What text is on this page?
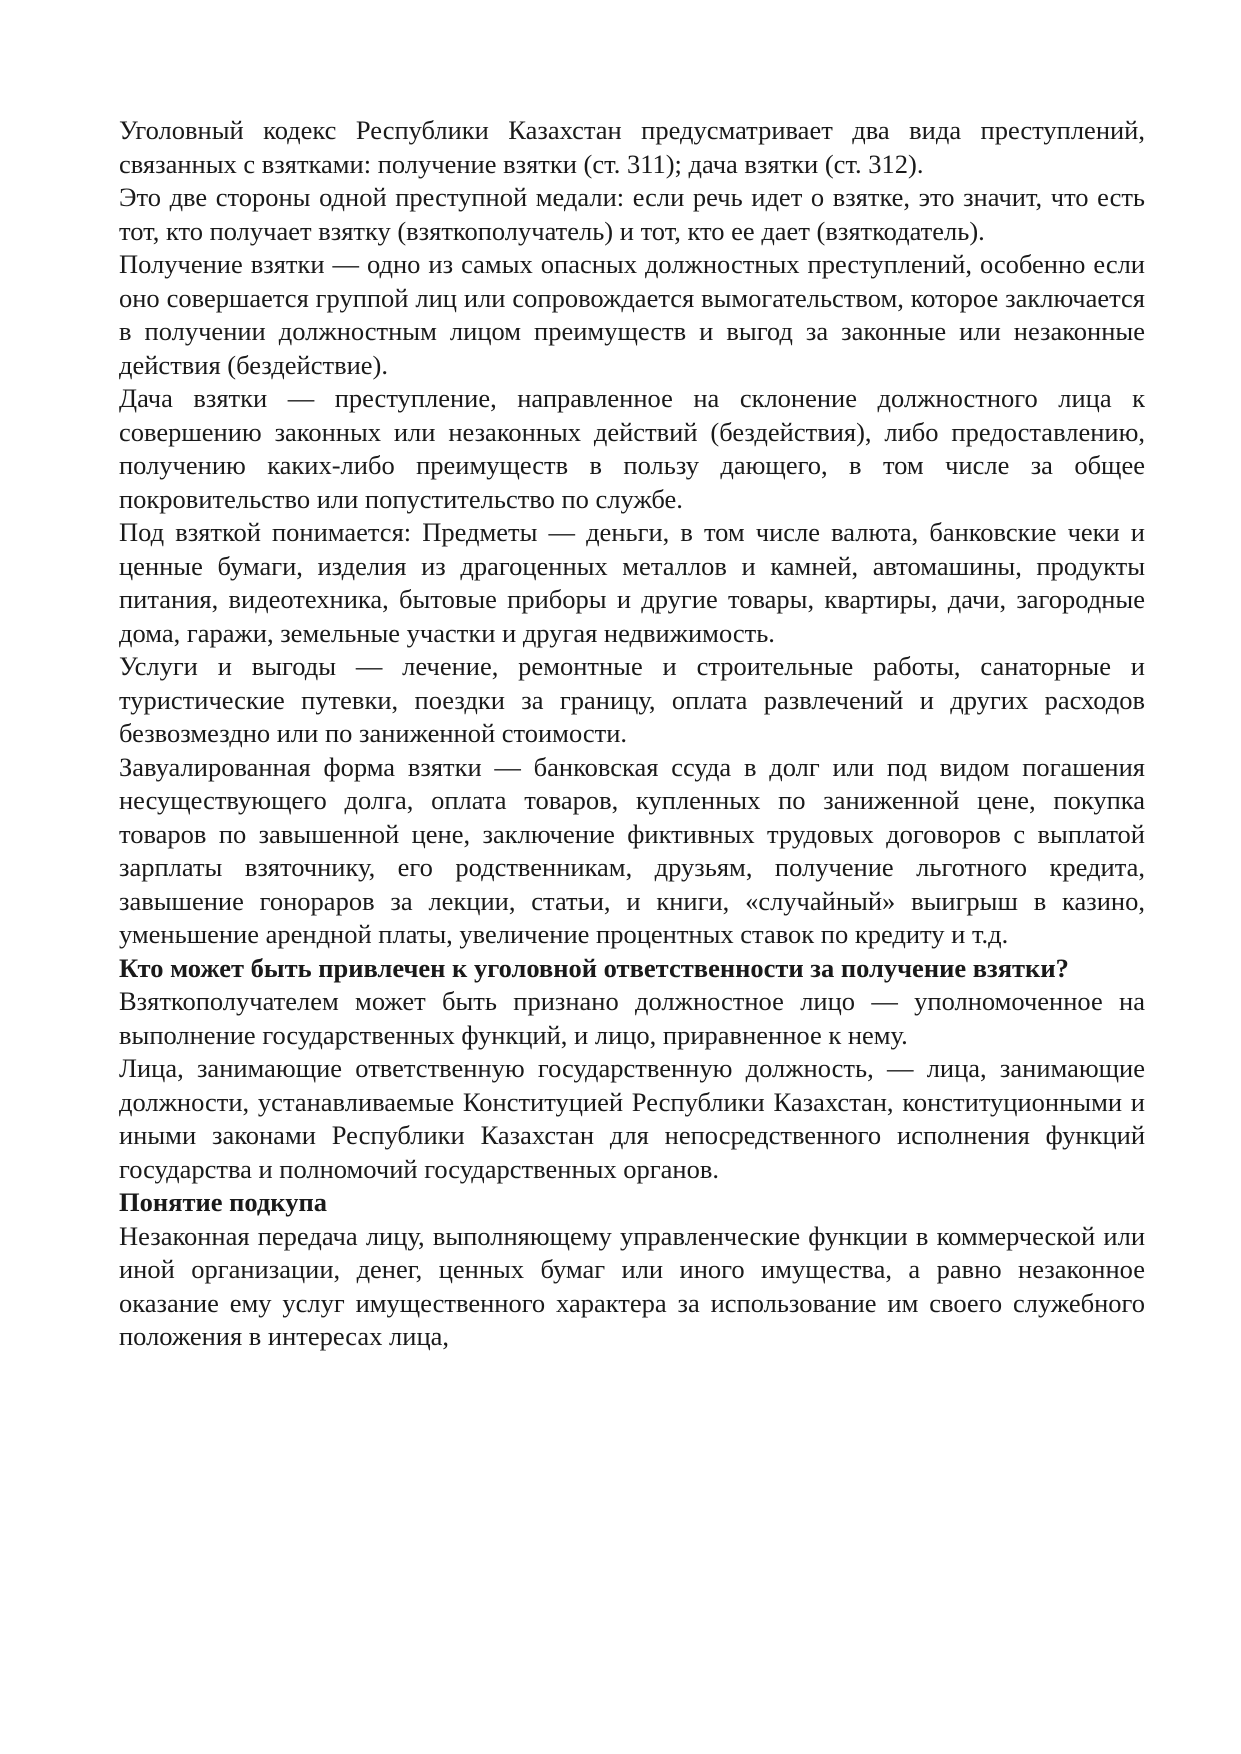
Уголовный кодекс Республики Казахстан предусматривает два вида преступлений, связанных с взятками: получение взятки (ст. 311); дача взятки (ст. 312).

Это две стороны одной преступной медали: если речь идет о взятке, это значит, что есть тот, кто получает взятку (взяткополучатель) и тот, кто ее дает (взяткодатель).

Получение взятки — одно из самых опасных должностных преступлений, особенно если оно совершается группой лиц или сопровождается вымогательством, которое заключается в получении должностным лицом преимуществ и выгод за законные или незаконные действия (бездействие).

Дача взятки — преступление, направленное на склонение должностного лица к совершению законных или незаконных действий (бездействия), либо предоставлению, получению каких-либо преимуществ в пользу дающего, в том числе за общее покровительство или попустительство по службе.

Под взяткой понимается: Предметы — деньги, в том числе валюта, банковские чеки и ценные бумаги, изделия из драгоценных металлов и камней, автомашины, продукты питания, видеотехника, бытовые приборы и другие товары, квартиры, дачи, загородные дома, гаражи, земельные участки и другая недвижимость.

Услуги и выгоды — лечение, ремонтные и строительные работы, санаторные и туристические путевки, поездки за границу, оплата развлечений и других расходов безвозмездно или по заниженной стоимости.

Завуалированная форма взятки — банковская ссуда в долг или под видом погашения несуществующего долга, оплата товаров, купленных по заниженной цене, покупка товаров по завышенной цене, заключение фиктивных трудовых договоров с выплатой зарплаты взяточнику, его родственникам, друзьям, получение льготного кредита, завышение гонораров за лекции, статьи, и книги, «случайный» выигрыш в казино, уменьшение арендной платы, увеличение процентных ставок по кредиту и т.д.

Кто может быть привлечен к уголовной ответственности за получение взятки?

Взяткополучателем может быть признано должностное лицо — уполномоченное на выполнение государственных функций, и лицо, приравненное к нему.

Лица, занимающие ответственную государственную должность, — лица, занимающие должности, устанавливаемые Конституцией Республики Казахстан, конституционными и иными законами Республики Казахстан для непосредственного исполнения функций государства и полномочий государственных органов.

Понятие подкупа

Незаконная передача лицу, выполняющему управленческие функции в коммерческой или иной организации, денег, ценных бумаг или иного имущества, а равно незаконное оказание ему услуг имущественного характера за использование им своего служебного положения в интересах лица,
